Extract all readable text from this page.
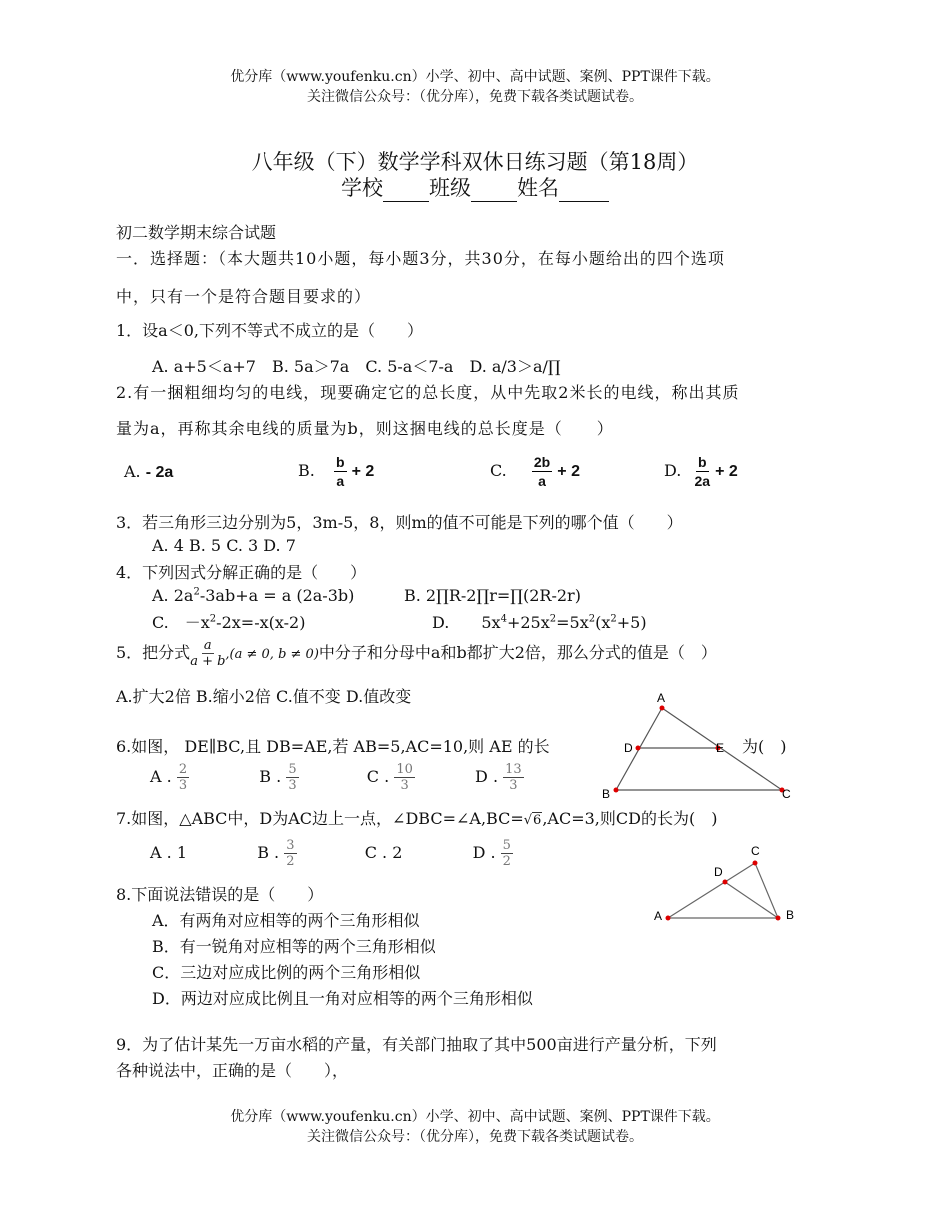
优分库（www.youfenku.cn）小学、初中、高中试题、案例、PPT课件下载。
关注微信公众号：（优分库），免费下载各类试题试卷。
八年级（下）数学学科双休日练习题（第18周）
学校 班级 姓名
初二数学期末综合试题
一．选择题：（本大题共10小题，每小题3分，共30分，在每小题给出的四个选项
中，只有一个是符合题目要求的）
1．设a＜0,下列不等式不成立的是（　　）
A. a+5＜a+7　B. 5a＞7a　C. 5-a＜7-a　D. a/3＞a/∏
2.有一捆粗细均匀的电线，现要确定它的总长度，从中先取2米长的电线，称出其质
量为a，再称其余电线的质量为b，则这捆电线的总长度是（　　）
A. - 2a	B. $\frac{b}{a} + 2$	C. $\frac{2b}{a} + 2$	D. $\frac{b}{2a} + 2$
3．若三角形三边分别为5，3m-5，8，则m的值不可能是下列的哪个值（　　）
A. 4 B. 5 C. 3 D. 7
4．下列因式分解正确的是（　　）
A. $2a^2-3ab+a = a$ (2a-3b)	B. 2∏R-2∏r=∏(2R-2r)
C.　$-x^2-2x=-x(x-2)$	D.　　$5x^4+25x^2=5x^2(x^2+5)$
5．把分式 $\frac{a}{a + b} ,(a \ne 0$, b ≠ 0)中分子和分母中a和b都扩大2倍，那么分式的值是（　）
A.扩大2倍 B.缩小2倍 C.值不变 D.值改变
6.如图， DE∥BC,且 DB=AE,若 AB=5,AC=10,则 AE 的长	为(　)
A . $\frac{2}{3}$	B . $\frac{5}{3}$	C . $\frac{10}{3}$	D . $\frac{13}{3}$
7.如图，△ABC中，D为AC边上一点，∠DBC=∠A,BC=√6,AC=3,则CD的长为(　)
A . 1	B . $\frac{3}{2}$	C . 2	D . $\frac{5}{2}$
8.下面说法错误的是（　　）
A．有两角对应相等的两个三角形相似
B．有一锐角对应相等的两个三角形相似
C．三边对应成比例的两个三角形相似
D．两边对应成比例且一角对应相等的两个三角形相似
9．为了估计某先一万亩水稻的产量，有关部门抽取了其中500亩进行产量分析，下列
各种说法中，正确的是（　　），
A
D	E
B	C
A
C
D
B
优分库（www.youfenku.cn）小学、初中、高中试题、案例、PPT课件下载。
关注微信公众号：（优分库），免费下载各类试题试卷。
